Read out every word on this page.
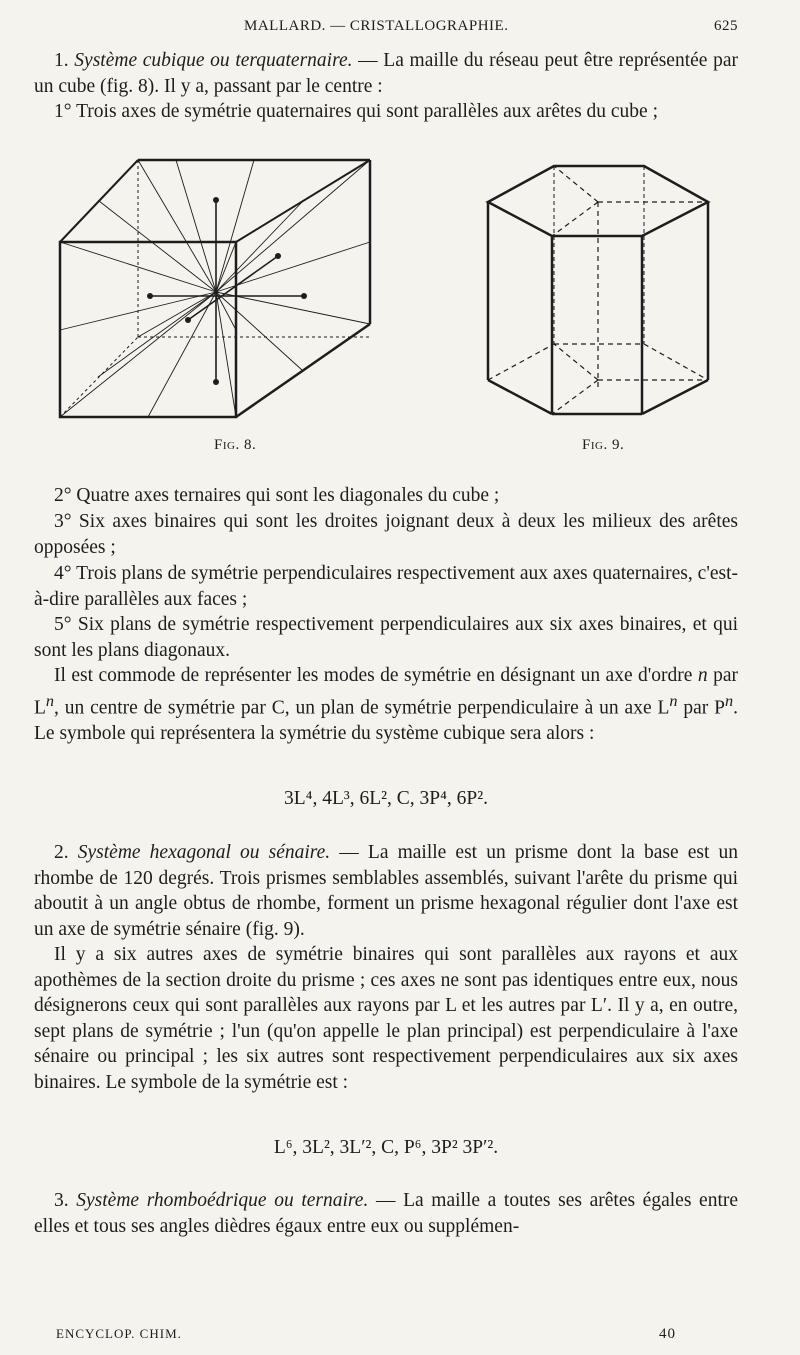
MALLARD. — CRISTALLOGRAPHIE.	625

1. Système cubique ou terquaternaire. — La maille du réseau peut être représentée par un cube (fig. 8). Il y a, passant par le centre :

1° Trois axes de symétrie quaternaires qui sont parallèles aux arêtes du cube ;

Fig. 8.	Fig. 9.

2° Quatre axes ternaires qui sont les diagonales du cube ;

3° Six axes binaires qui sont les droites joignant deux à deux les milieux des arêtes opposées ;

4° Trois plans de symétrie perpendiculaires respectivement aux axes quaternaires, c'est-à-dire parallèles aux faces ;

5° Six plans de symétrie respectivement perpendiculaires aux six axes binaires, et qui sont les plans diagonaux.

Il est commode de représenter les modes de symétrie en désignant un axe d'ordre n par $L^n$, un centre de symétrie par C, un plan de symétrie perpendiculaire à un axe $L^n$ par $P^n$. Le symbole qui représentera la symétrie du système cubique sera alors :

3L⁴, 4L³, 6L², C, 3P⁴, 6P².

2. Système hexagonal ou sénaire. — La maille est un prisme dont la base est un rhombe de 120 degrés. Trois prismes semblables assemblés, suivant l'arête du prisme qui aboutit à un angle obtus de rhombe, forment un prisme hexagonal régulier dont l'axe est un axe de symétrie sénaire (fig. 9).

Il y a six autres axes de symétrie binaires qui sont parallèles aux rayons et aux apothèmes de la section droite du prisme ; ces axes ne sont pas identiques entre eux, nous désignerons ceux qui sont parallèles aux rayons par L et les autres par L′. Il y a, en outre, sept plans de symétrie ; l'un (qu'on appelle le plan principal) est perpendiculaire à l'axe sénaire ou principal ; les six autres sont respectivement perpendiculaires aux six axes binaires. Le symbole de la symétrie est :

L⁶, 3L², 3L′², C, P⁶, 3P² 3P′².

3. Système rhomboédrique ou ternaire. — La maille a toutes ses arêtes égales entre elles et tous ses angles dièdres égaux entre eux ou supplémen-

ENCYCLOP. CHIM.	40
